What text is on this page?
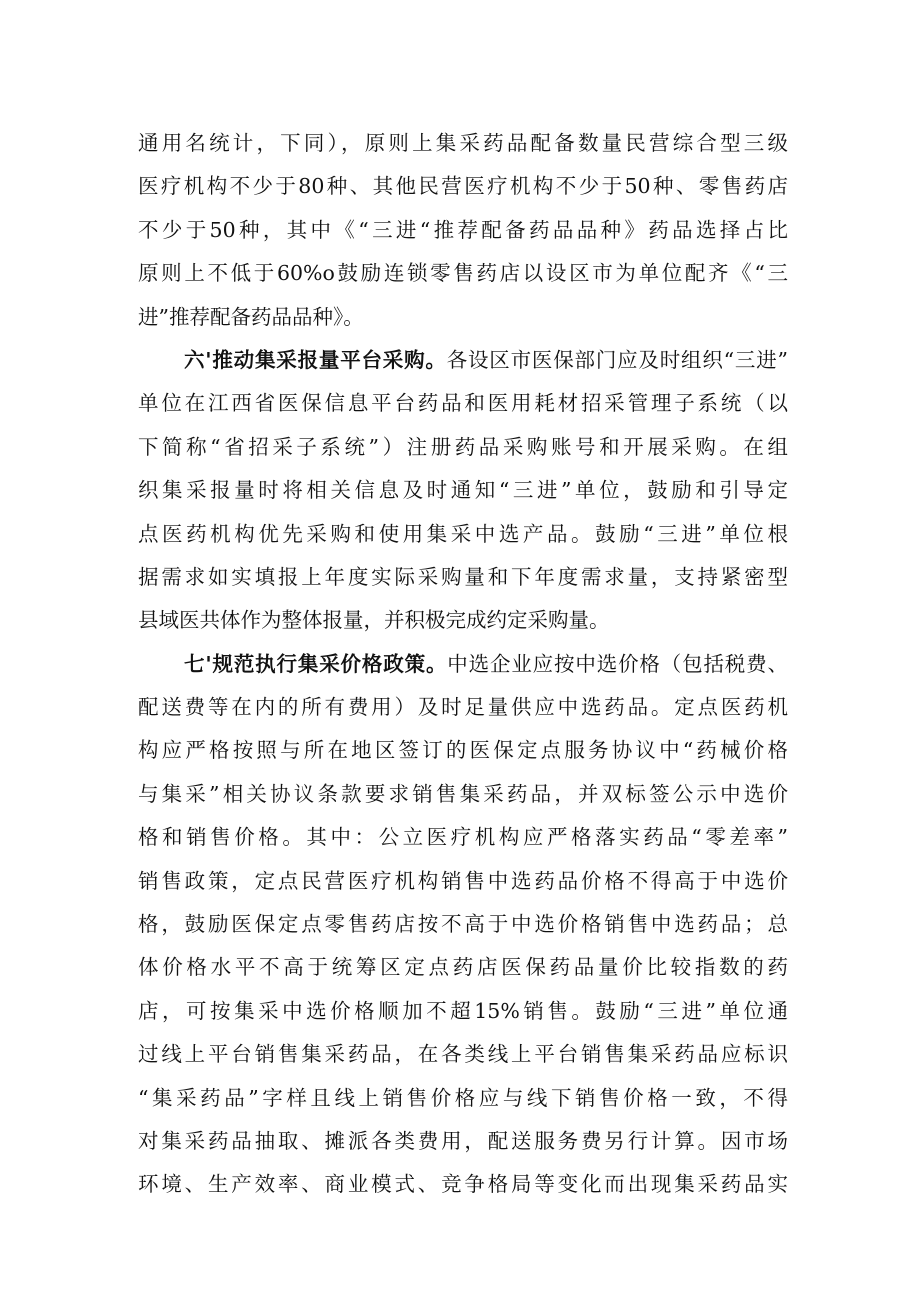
通用名统计，下同），原则上集采药品配备数量民营综合型三级
医疗机构不少于80种、其他民营医疗机构不少于50种、零售药店
不少于50种，其中《“三进“推荐配备药品品种》药品选择占比
原则上不低于60%o鼓励连锁零售药店以设区市为单位配齐《“三
进”推荐配备药品品种》。
六'推动集采报量平台采购。各设区市医保部门应及时组织“三进”
单位在江西省医保信息平台药品和医用耗材招采管理子系统（以
下简称“省招采子系统”）注册药品采购账号和开展采购。在组
织集采报量时将相关信息及时通知“三进”单位，鼓励和引导定
点医药机构优先采购和使用集采中选产品。鼓励“三进”单位根
据需求如实填报上年度实际采购量和下年度需求量，支持紧密型
县域医共体作为整体报量，并积极完成约定采购量。
七'规范执行集采价格政策。中选企业应按中选价格（包括税费、
配送费等在内的所有费用）及时足量供应中选药品。定点医药机
构应严格按照与所在地区签订的医保定点服务协议中“药械价格
与集采”相关协议条款要求销售集采药品，并双标签公示中选价
格和销售价格。其中：公立医疗机构应严格落实药品“零差率”
销售政策，定点民营医疗机构销售中选药品价格不得高于中选价
格，鼓励医保定点零售药店按不高于中选价格销售中选药品；总
体价格水平不高于统筹区定点药店医保药品量价比较指数的药
店，可按集采中选价格顺加不超15%销售。鼓励“三进”单位通
过线上平台销售集采药品，在各类线上平台销售集采药品应标识
“集采药品”字样且线上销售价格应与线下销售价格一致，不得
对集采药品抽取、摊派各类费用，配送服务费另行计算。因市场
环境、生产效率、商业模式、竞争格局等变化而出现集采药品实
